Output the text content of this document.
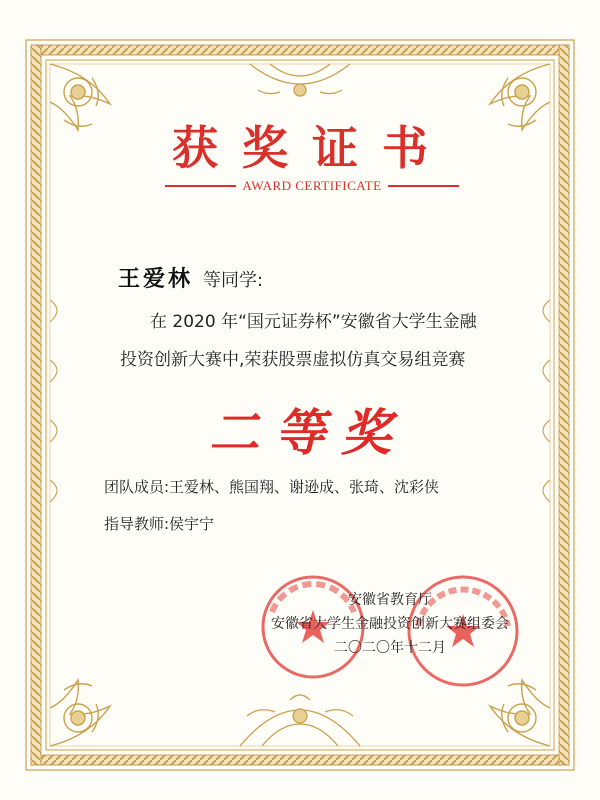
获奖证书
AWARD CERTIFICATE
王爱林 等同学:
在 2020 年“国元证券杯”安徽省大学生金融
投资创新大赛中,荣获股票虚拟仿真交易组竞赛
二等奖
团队成员:王爱林、熊国翔、谢逊成、张琦、沈彩侠
指导教师:侯宇宁
安徽省教育厅
安徽省大学生金融投资创新大赛组委会
二〇二〇年十二月
